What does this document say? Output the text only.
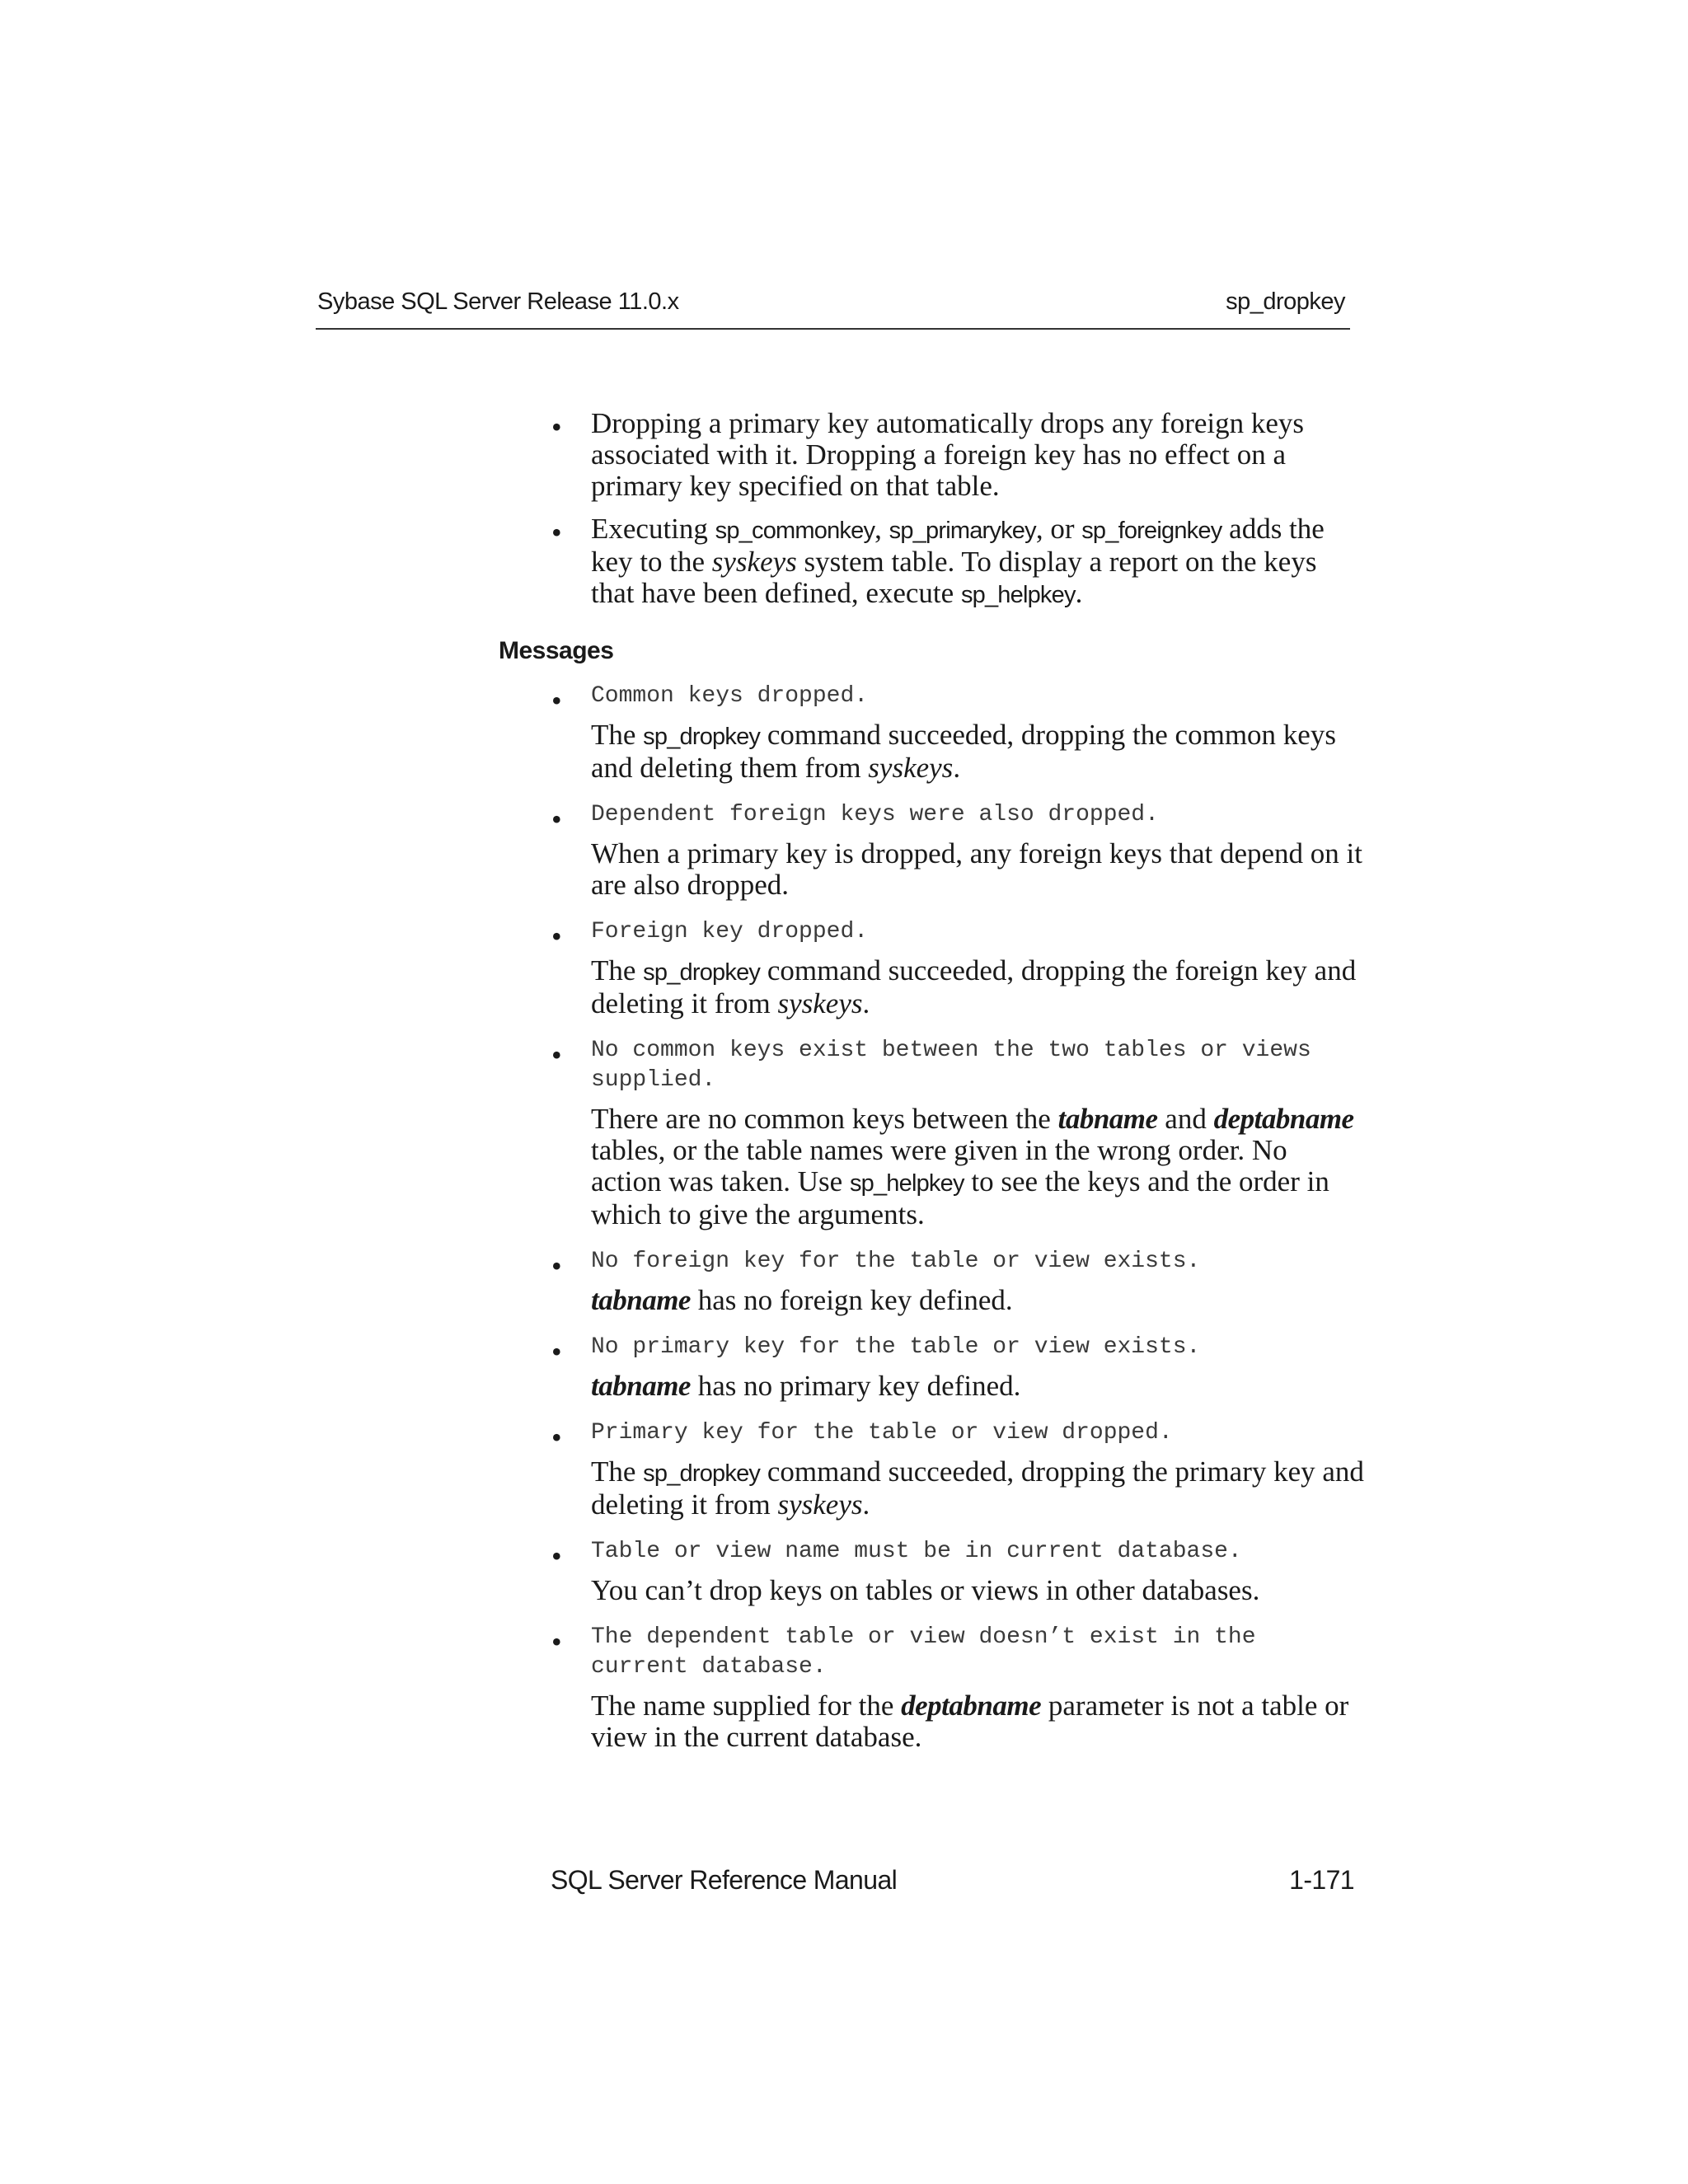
Sybase SQL Server Release 11.0.x	sp_dropkey
• Dropping a primary key automatically drops any foreign keys associated with it. Dropping a foreign key has no effect on a primary key specified on that table.
• Executing sp_commonkey, sp_primarykey, or sp_foreignkey adds the key to the syskeys system table. To display a report on the keys that have been defined, execute sp_helpkey.
Messages
• Common keys dropped.
The sp_dropkey command succeeded, dropping the common keys and deleting them from syskeys.
• Dependent foreign keys were also dropped.
When a primary key is dropped, any foreign keys that depend on it are also dropped.
• Foreign key dropped.
The sp_dropkey command succeeded, dropping the foreign key and deleting it from syskeys.
• No common keys exist between the two tables or views supplied.
There are no common keys between the tabname and deptabname tables, or the table names were given in the wrong order. No action was taken. Use sp_helpkey to see the keys and the order in which to give the arguments.
• No foreign key for the table or view exists.
tabname has no foreign key defined.
• No primary key for the table or view exists.
tabname has no primary key defined.
• Primary key for the table or view dropped.
The sp_dropkey command succeeded, dropping the primary key and deleting it from syskeys.
• Table or view name must be in current database.
You can’t drop keys on tables or views in other databases.
• The dependent table or view doesn’t exist in the current database.
The name supplied for the deptabname parameter is not a table or view in the current database.
SQL Server Reference Manual	1-171
